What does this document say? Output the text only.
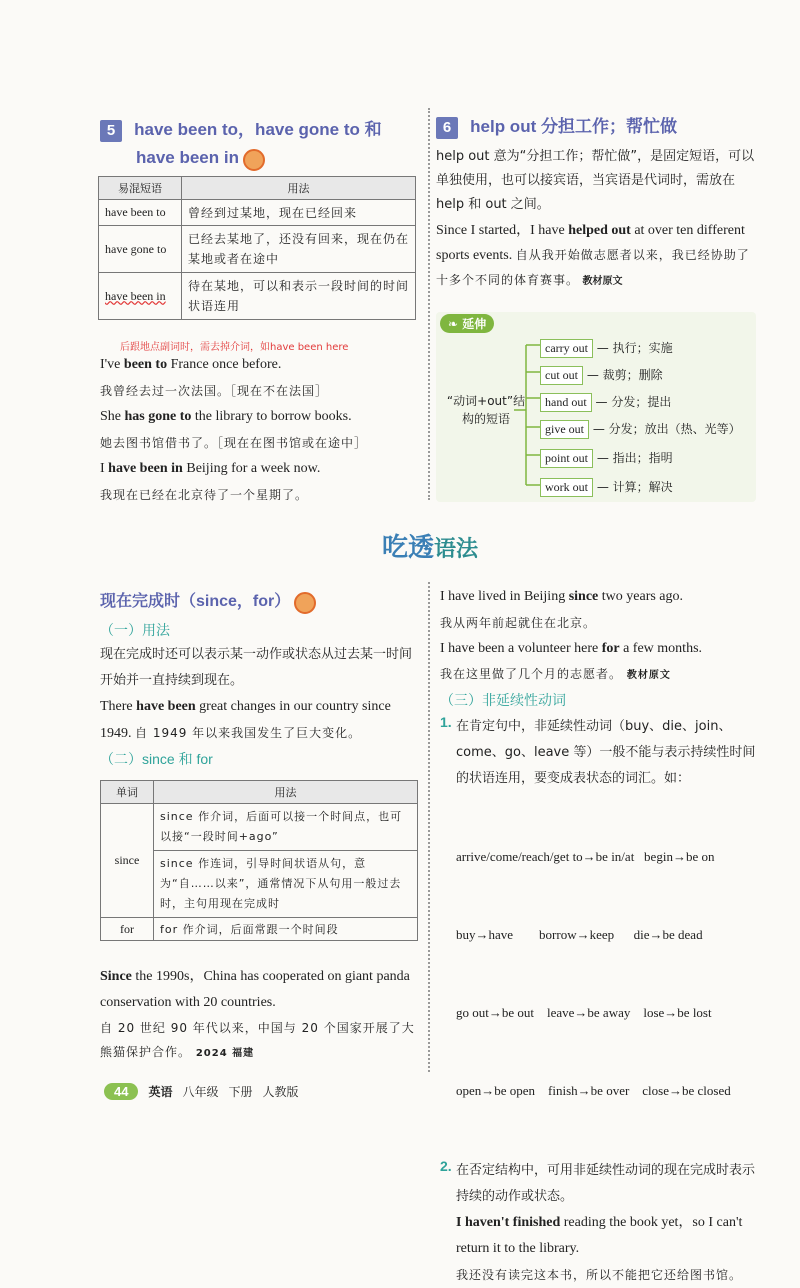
5 have been to，have gone to 和
have been in
易混短语	用法
have been to	曾经到过某地，现在已经回来
have gone to	已经去某地了，还没有回来，现在仍在某地或者在途中
have been in	待在某地，可以和表示一段时间的时间状语连用
后跟地点副词时，需去掉介词，如have been here
I've been to France once before.
我曾经去过一次法国。［现在不在法国］
She has gone to the library to borrow books.
她去图书馆借书了。［现在在图书馆或在途中］
I have been in Beijing for a week now.
我现在已经在北京待了一个星期了。
6 help out 分担工作；帮忙做
help out 意为“分担工作；帮忙做”，是固定短语，可以单独使用，也可以接宾语，当宾语是代词时，需放在 help 和 out 之间。
Since I started，I have helped out at over ten different sports events. 自从我开始做志愿者以来，我已经协助了十多个不同的体育赛事。 教材原文
❧ 延伸
“动词+out”结构的短语
carry out — 执行；实施
cut out — 裁剪；删除
hand out — 分发；提出
give out — 分发；放出（热、光等）
point out — 指出；指明
work out — 计算；解决
吃透语法
现在完成时（since，for）
（一）用法
现在完成时还可以表示某一动作或状态从过去某一时间开始并一直持续到现在。
There have been great changes in our country since 1949. 自 1949 年以来我国发生了巨大变化。
（二）since 和 for
单词	用法
since	since 作介词，后面可以接一个时间点，也可以接“一段时间+ago”
	since 作连词，引导时间状语从句，意为“自……以来”，通常情况下从句用一般过去时，主句用现在完成时
for	for 作介词，后面常跟一个时间段
Since the 1990s，China has cooperated on giant panda conservation with 20 countries.
自 20 世纪 90 年代以来，中国与 20 个国家开展了大熊猫保护合作。 2024 福建
I have lived in Beijing since two years ago.
我从两年前起就住在北京。
I have been a volunteer here for a few months.
我在这里做了几个月的志愿者。 教材原文
（三）非延续性动词
1. 在肯定句中，非延续性动词（buy、die、join、come、go、leave 等）一般不能与表示持续性时间的状语连用，要变成表状态的词汇。如：

arrive/come/reach/get to→be in/at   begin→be on

buy→have        borrow→keep      die→be dead

go out→be out    leave→be away    lose→be lost

open→be open    finish→be over    close→be closed

2. 在否定结构中，可用非延续性动词的现在完成时表示持续的动作或状态。
I haven't finished reading the book yet，so I can't return it to the library.
我还没有读完这本书，所以不能把它还给图书馆。
44	英语 八年级 下册 人教版
